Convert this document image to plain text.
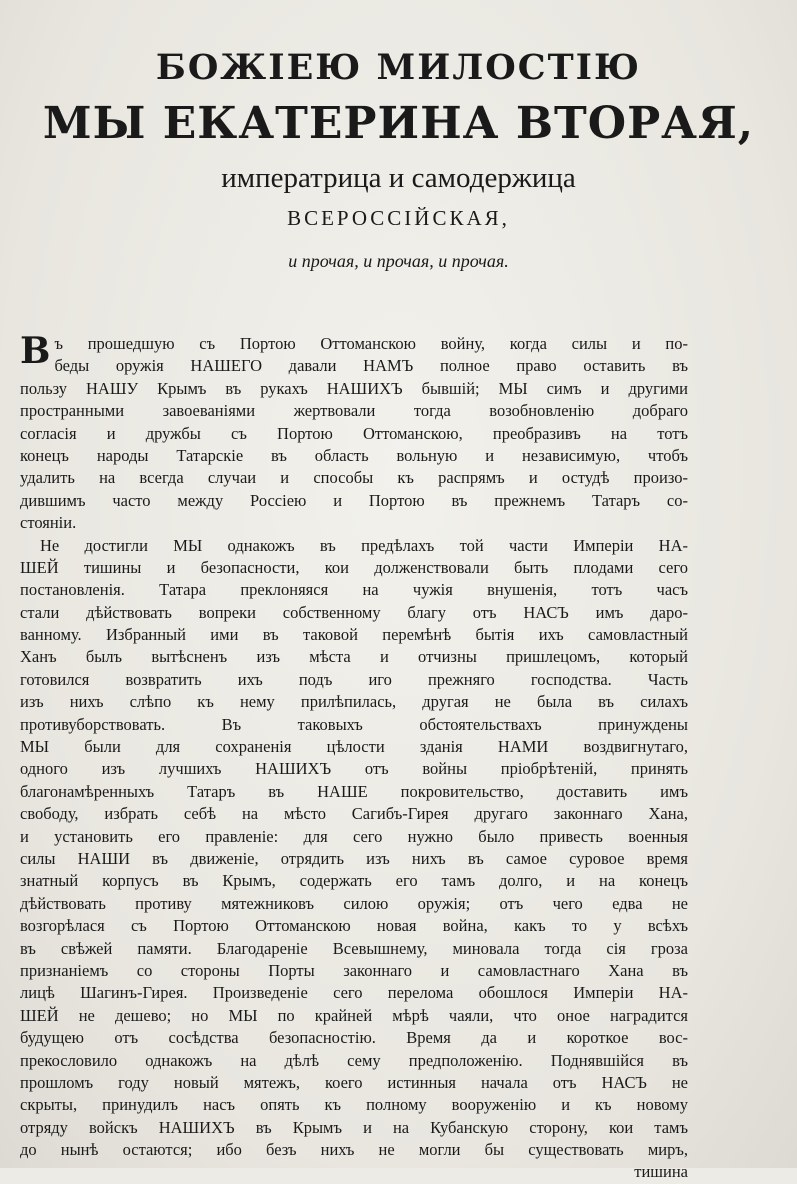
БОЖІЕЮ МИЛОСТІЮ
МЫ ЕКАТЕРИНА ВТОРАЯ,
императрица и самодержица
ВСЕРОССІЙСКАЯ,
и прочая, и прочая, и прочая.
В ъ прошедшую съ Портою Оттоманскою войну, когда силы и по-
беды оружія НАШЕГО давали НАМЪ полное право оставить въ
пользу НАШУ Крымъ въ рукахъ НАШИХЪ бывшій; МЫ симъ и другими
пространными завоеваніями жертвовали тогда возобновленію добраго
согласія и дружбы съ Портою Оттоманскою, преобразивъ на тотъ
конецъ народы Татарскіе въ область вольную и независимую, чтобъ
удалить на всегда случаи и способы къ распрямъ и остудѣ произо-
дившимъ часто между Россіею и Портою въ прежнемъ Татаръ со-
стояніи.
Не достигли МЫ однакожъ въ предѣлахъ той части Имперіи НА-
ШЕЙ тишины и безопасности, кои долженствовали быть плодами сего
постановленія. Татара преклоняяся на чужія внушенія, тотъ часъ
стали дѣйствовать вопреки собственному благу отъ НАСЪ имъ даро-
ванному. Избранный ими въ таковой перемѣнѣ бытія ихъ самовластный
Ханъ былъ вытѣсненъ изъ мѣста и отчизны пришлецомъ, который
готовился возвратить ихъ подъ иго прежняго господства. Часть
изъ нихъ слѣпо къ нему прилѣпилась, другая не была въ силахъ
противуборствовать. Въ таковыхъ обстоятельствахъ принуждены
МЫ были для сохраненія цѣлости зданія НАМИ воздвигнутаго,
одного изъ лучшихъ НАШИХЪ отъ войны пріобрѣтеній, принять
благонамѣренныхъ Татаръ въ НАШЕ покровительство, доставить имъ
свободу, избрать себѣ на мѣсто Сагибъ-Гирея другаго законнаго Хана,
и установить его правленіе: для сего нужно было привесть военныя
силы НАШИ въ движеніе, отрядить изъ нихъ въ самое суровое время
знатный корпусъ въ Крымъ, содержать его тамъ долго, и на конецъ
дѣйствовать противу мятежниковъ силою оружія; отъ чего едва не
возгорѣлася съ Портою Оттоманскою новая война, какъ то у всѣхъ
въ свѣжей памяти. Благодареніе Всевышнему, миновала тогда сія гроза
признаніемъ со стороны Порты законнаго и самовластнаго Хана въ
лицѣ Шагинъ-Гирея. Произведеніе сего перелома обошлося Имперіи НА-
ШЕЙ не дешево; но МЫ по крайней мѣрѣ чаяли, что оное наградится
будущею отъ сосѣдства безопасностію. Время да и короткое вос-
прекословило однакожъ на дѣлѣ сему предположенію. Поднявшійся въ
прошломъ году новый мятежъ, коего истинныя начала отъ НАСЪ не
скрыты, принудилъ насъ опять къ полному вооруженію и къ новому
отряду войскъ НАШИХЪ въ Крымъ и на Кубанскую сторону, кои тамъ
до нынѣ остаются; ибо безъ нихъ не могли бы существовать миръ,
тишина
